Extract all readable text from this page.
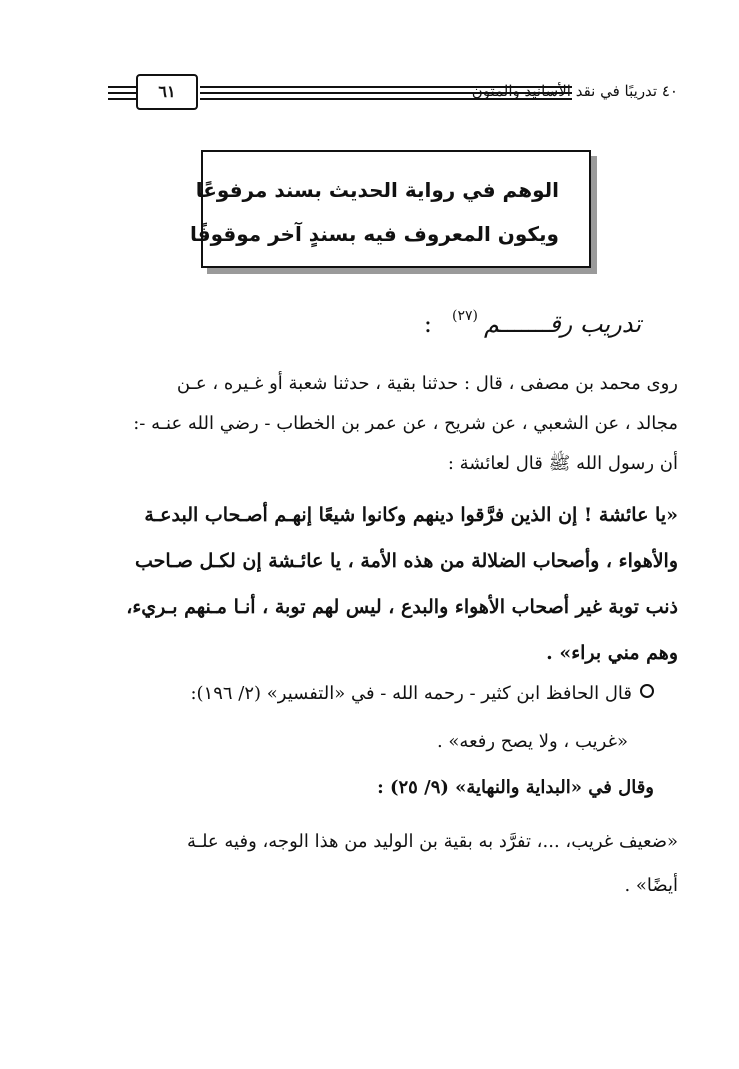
٦١	٤٠ تدريبًا في نقد الأسانيد والمتون
الوهم في رواية الحديث بسند مرفوعًا
ويكون المعروف فيه بسندٍ آخر موقوفًا
تدريب رقـــــــم$^{(٢٧)}$:
روى محمد بن مصفى ، قال : حدثنا بقية ، حدثنا شعبة أو غـيره ، عـن
مجالد ، عن الشعبي ، عن شريح ، عن عمر بن الخطاب - رضي الله عنـه -:
أن رسول الله ﷺ قال لعائشة :
«يا عائشة ! إن الذين فرَّقوا دينهم وكانوا شيعًا إنهـم أصـحاب البدعـة
والأهواء ، وأصحاب الضلالة من هذه الأمة ، يا عائـشة إن لكـل صـاحب
ذنب توبة غير أصحاب الأهواء والبدع ، ليس لهم توبة ، أنـا مـنهم بـريء،
وهم مني براء» .
قال الحافظ ابن كثير - رحمه الله - في «التفسير» (٢/ ١٩٦):
«غريب ، ولا يصح رفعه» .
وقال في «البداية والنهاية» (٩/ ٢٥) :
«ضعيف غريب، ...، تفرَّد به بقية بن الوليد من هذا الوجه، وفيه علـة
أيضًا» .
